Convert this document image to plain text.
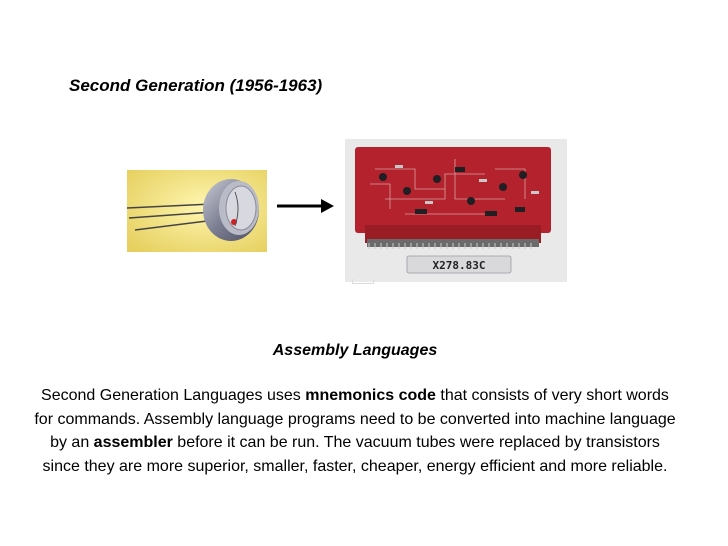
Second Generation (1956-1963)
X278.83C
Assembly Languages

Second Generation Languages uses mnemonics code that consists of very short words for commands. Assembly language programs need to be converted into machine language by an assembler before it can be run. The vacuum tubes were replaced by transistors since they are more superior, smaller, faster, cheaper, energy efficient and more reliable.
